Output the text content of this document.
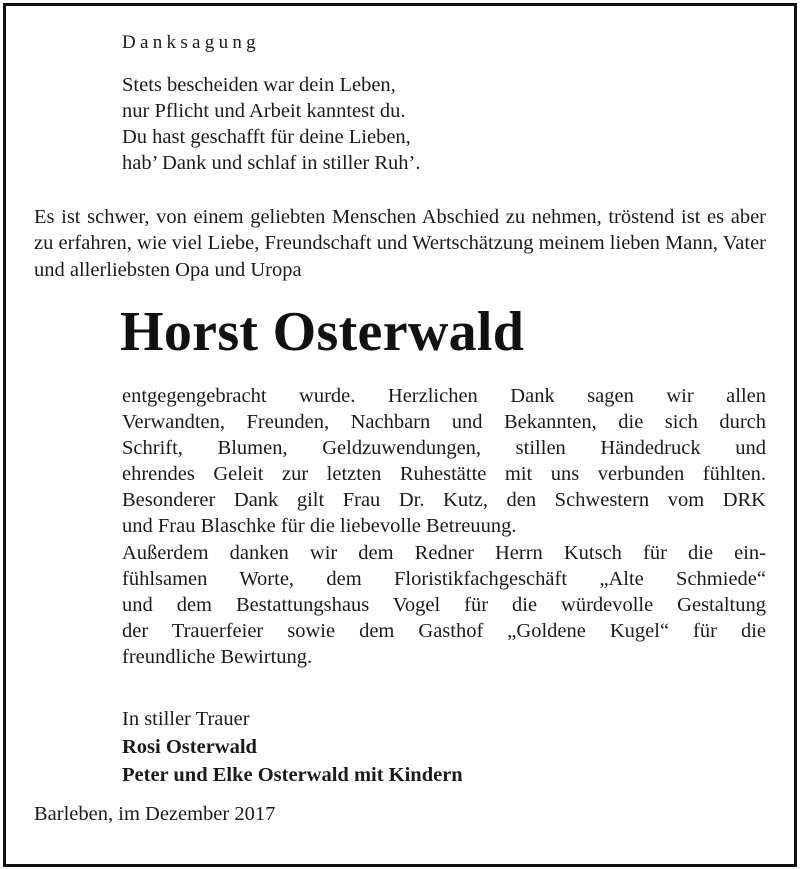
Danksagung
Stets bescheiden war dein Leben,
nur Pflicht und Arbeit kanntest du.
Du hast geschafft für deine Lieben,
hab’ Dank und schlaf in stiller Ruh’.
Es ist schwer, von einem geliebten Menschen Abschied zu nehmen, tröstend ist es aber zu erfahren, wie viel Liebe, Freundschaft und Wertschätzung meinem lieben Mann, Vater und allerliebsten Opa und Uropa
Horst Osterwald
entgegengebracht wurde. Herzlichen Dank sagen wir allen
Verwandten, Freunden, Nachbarn und Bekannten, die sich durch
Schrift, Blumen, Geldzuwendungen, stillen Händedruck und
ehrendes Geleit zur letzten Ruhestätte mit uns verbunden fühlten.
Besonderer Dank gilt Frau Dr. Kutz, den Schwestern vom DRK
und Frau Blaschke für die liebevolle Betreuung.
Außerdem danken wir dem Redner Herrn Kutsch für die ein-
fühlsamen Worte, dem Floristikfachgeschäft „Alte Schmiede“
und dem Bestattungshaus Vogel für die würdevolle Gestaltung
der Trauerfeier sowie dem Gasthof „Goldene Kugel“ für die
freundliche Bewirtung.
In stiller Trauer
Rosi Osterwald
Peter und Elke Osterwald mit Kindern
Barleben, im Dezember 2017
